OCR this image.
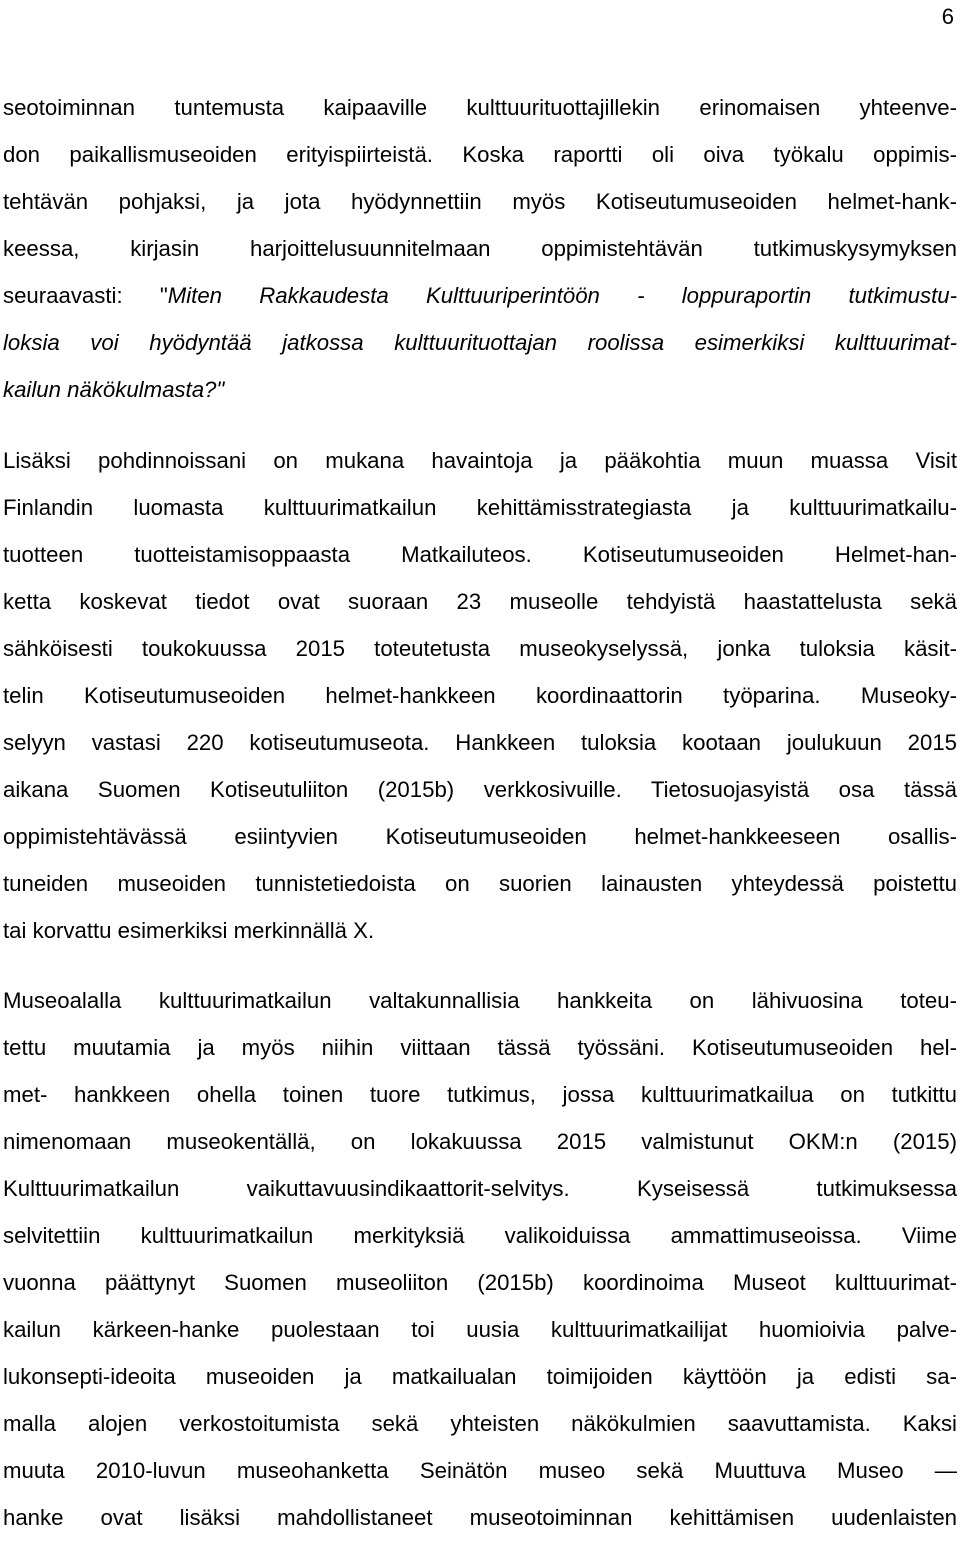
6
seotoiminnan tuntemusta kaipaaville kulttuurituottajillekin erinomaisen yhteenve-
don paikallismuseoiden erityispiirteistä. Koska raportti oli oiva työkalu oppimis-
tehtävän pohjaksi, ja jota hyödynnettiin myös Kotiseutumuseoiden helmet-hank-
keessa, kirjasin harjoittelusuunnitelmaan oppimistehtävän tutkimuskysymyksen
seuraavasti: "Miten Rakkaudesta Kulttuuriperintöön - loppuraportin tutkimustu-
loksia voi hyödyntää jatkossa kulttuurituottajan roolissa esimerkiksi kulttuurimat-
kailun näkökulmasta?"
Lisäksi pohdinnoissani on mukana havaintoja ja pääkohtia muun muassa Visit
Finlandin luomasta kulttuurimatkailun kehittämisstrategiasta ja kulttuurimatkailu-
tuotteen tuotteistamisoppaasta Matkailuteos. Kotiseutumuseoiden Helmet-han-
ketta koskevat tiedot ovat suoraan 23 museolle tehdyistä haastattelusta sekä
sähköisesti toukokuussa 2015 toteutetusta museokyselyssä, jonka tuloksia käsit-
telin Kotiseutumuseoiden helmet-hankkeen koordinaattorin työparina. Museoky-
selyyn vastasi 220 kotiseutumuseota. Hankkeen tuloksia kootaan joulukuun 2015
aikana Suomen Kotiseutuliiton (2015b) verkkosivuille. Tietosuojasyistä osa tässä
oppimistehtävässä esiintyvien Kotiseutumuseoiden helmet-hankkeeseen osallis-
tuneiden museoiden tunnistetiedoista on suorien lainausten yhteydessä poistettu
tai korvattu esimerkiksi merkinnällä X.
Museoalalla kulttuurimatkailun valtakunnallisia hankkeita on lähivuosina toteu-
tettu muutamia ja myös niihin viittaan tässä työssäni. Kotiseutumuseoiden hel-
met- hankkeen ohella toinen tuore tutkimus, jossa kulttuurimatkailua on tutkittu
nimenomaan museokentällä, on lokakuussa 2015 valmistunut OKM:n (2015)
Kulttuurimatkailun vaikuttavuusindikaattorit-selvitys. Kyseisessä tutkimuksessa
selvitettiin kulttuurimatkailun merkityksiä valikoiduissa ammattimuseoissa. Viime
vuonna päättynyt Suomen museoliiton (2015b) koordinoima Museot kulttuurimat-
kailun kärkeen-hanke puolestaan toi uusia kulttuurimatkailijat huomioivia palve-
lukonsepti-ideoita museoiden ja matkailualan toimijoiden käyttöön ja edisti sa-
malla alojen verkostoitumista sekä yhteisten näkökulmien saavuttamista. Kaksi
muuta 2010-luvun museohanketta Seinätön museo sekä Muuttuva Museo —
hanke ovat lisäksi mahdollistaneet museotoiminnan kehittämisen uudenlaisten
